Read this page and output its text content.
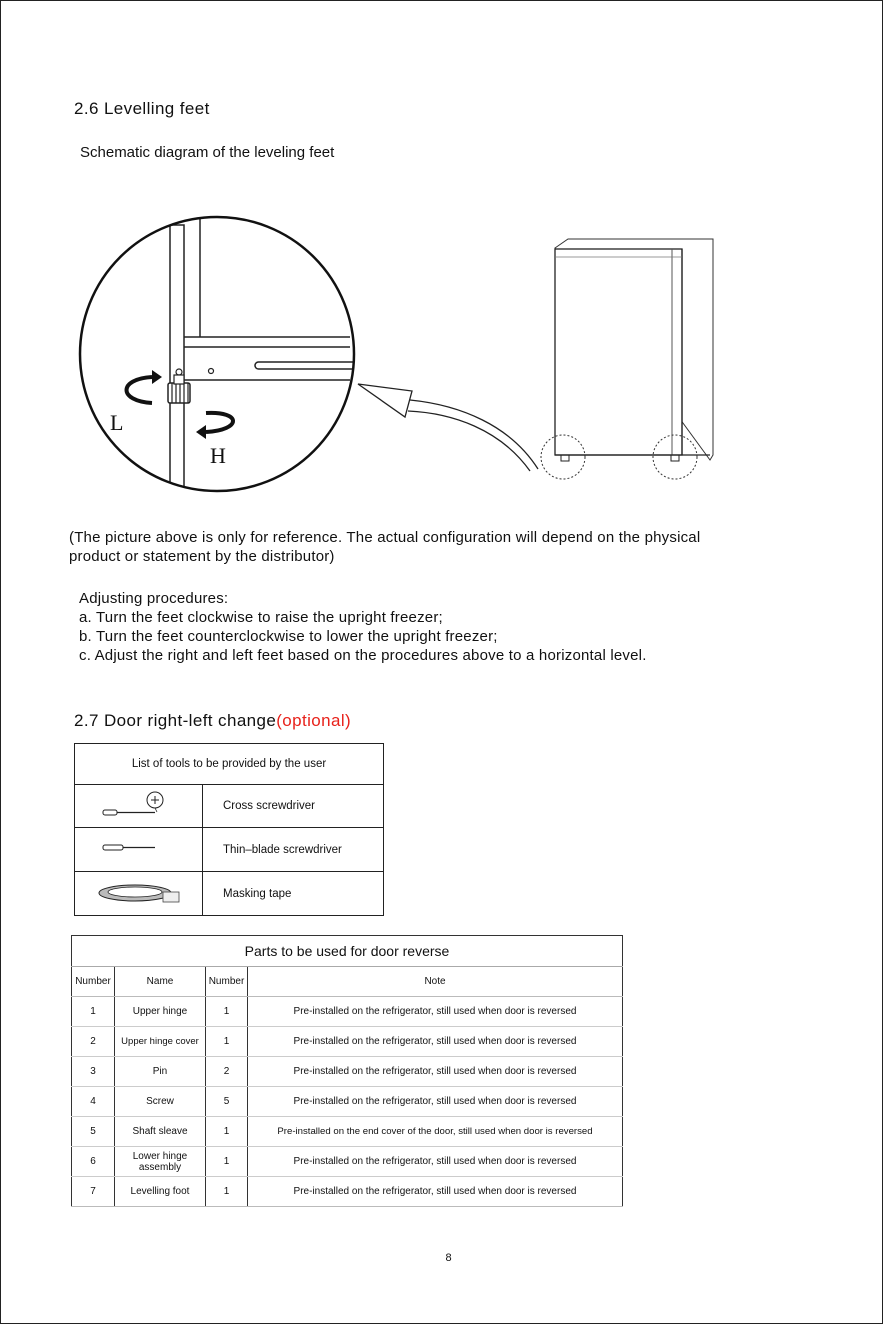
2.6 Levelling feet
Schematic diagram of the leveling feet
L
H
(The picture above is only for reference. The actual configuration will depend on the physical
product or statement by the distributor)
Adjusting procedures:
a. Turn the feet clockwise to raise the upright freezer;
b. Turn the feet counterclockwise to lower the upright freezer;
c. Adjust the right and left feet based on the procedures above to a horizontal level.
2.7 Door right-left change(optional)
List of tools to be provided by the user	
	Cross screwdriver
	Thin–blade screwdriver
	Masking tape
Parts to be used for door reverse			
Number	Name	Number	Note
1	Upper hinge	1	Pre-installed on the refrigerator, still used when door is reversed
2	Upper hinge cover	1	Pre-installed on the refrigerator, still used when door is reversed
3	Pin	2	Pre-installed on the refrigerator, still used when door is reversed
4	Screw	5	Pre-installed on the refrigerator, still used when door is reversed
5	Shaft sleave	1	Pre-installed on the end cover of the door, still used when door is reversed
6	Lower hinge assembly	1	Pre-installed on the refrigerator, still used when door is reversed
7	Levelling foot	1	Pre-installed on the refrigerator, still used when door is reversed
8
